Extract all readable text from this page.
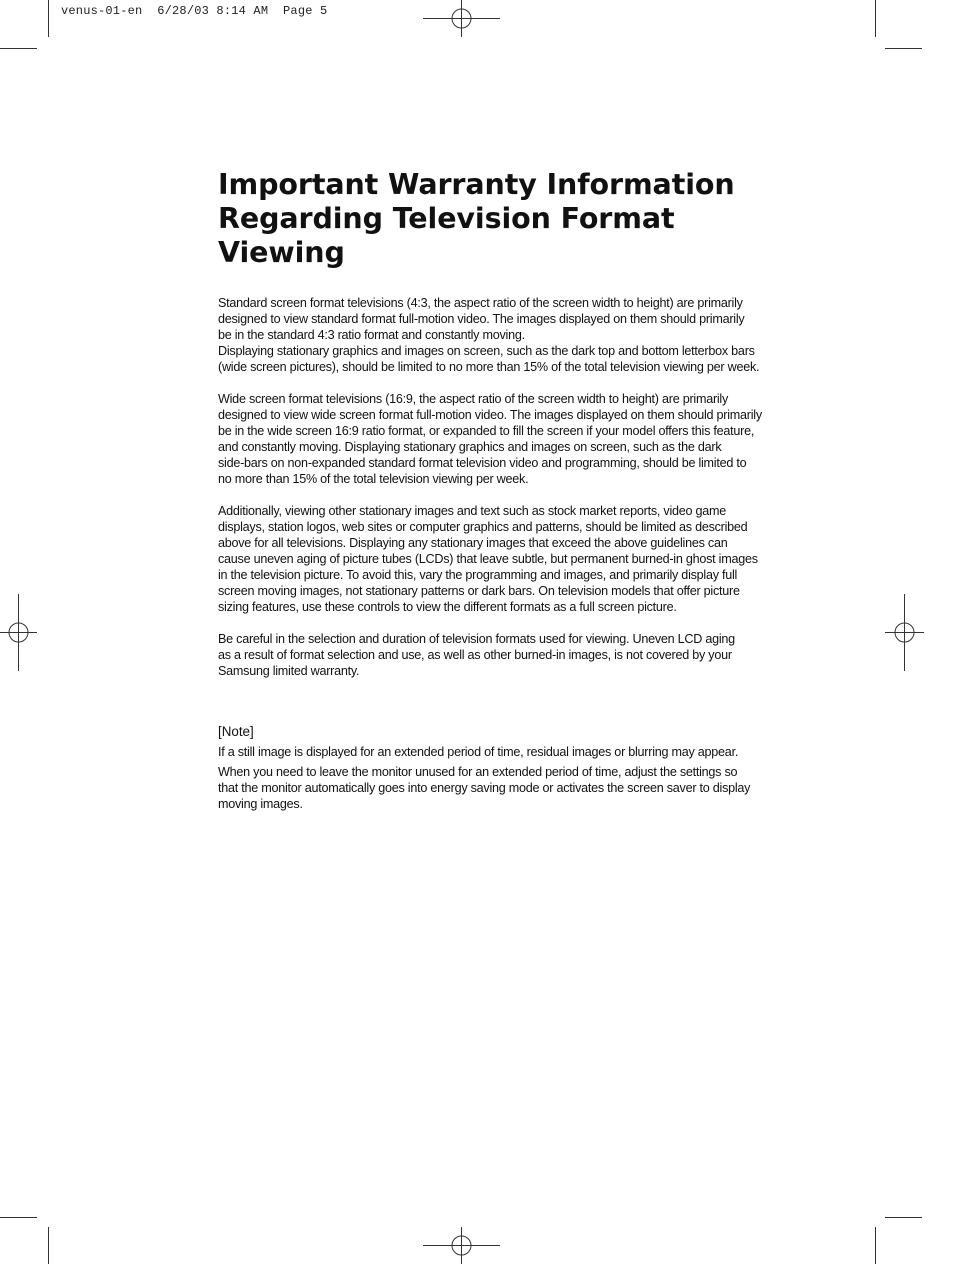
venus-01-en  6/28/03 8:14 AM  Page 5
Important Warranty Information
Regarding Television Format
Viewing

Standard screen format televisions (4:3, the aspect ratio of the screen width to height) are primarily
designed to view standard format full-motion video. The images displayed on them should primarily
be in the standard 4:3 ratio format and constantly moving.

Displaying stationary graphics and images on screen, such as the dark top and bottom letterbox bars
(wide screen pictures), should be limited to no more than 15% of the total television viewing per week.

Wide screen format televisions (16:9, the aspect ratio of the screen width to height) are primarily
designed to view wide screen format full-motion video. The images displayed on them should primarily
be in the wide screen 16:9 ratio format, or expanded to fill the screen if your model offers this feature,
and constantly moving. Displaying stationary graphics and images on screen, such as the dark
side-bars on non-expanded standard format television video and programming, should be limited to
no more than 15% of the total television viewing per week.

Additionally, viewing other stationary images and text such as stock market reports, video game
displays, station logos, web sites or computer graphics and patterns, should be limited as described
above for all televisions. Displaying any stationary images that exceed the above guidelines can
cause uneven aging of picture tubes (LCDs) that leave subtle, but permanent burned-in ghost images
in the television picture. To avoid this, vary the programming and images, and primarily display full
screen moving images, not stationary patterns or dark bars. On television models that offer picture
sizing features, use these controls to view the different formats as a full screen picture.

Be careful in the selection and duration of television formats used for viewing. Uneven LCD aging
as a result of format selection and use, as well as other burned-in images, is not covered by your
Samsung limited warranty.

[Note]

If a still image is displayed for an extended period of time, residual images or blurring may appear.

When you need to leave the monitor unused for an extended period of time, adjust the settings so
that the monitor automatically goes into energy saving mode or activates the screen saver to display
moving images.
